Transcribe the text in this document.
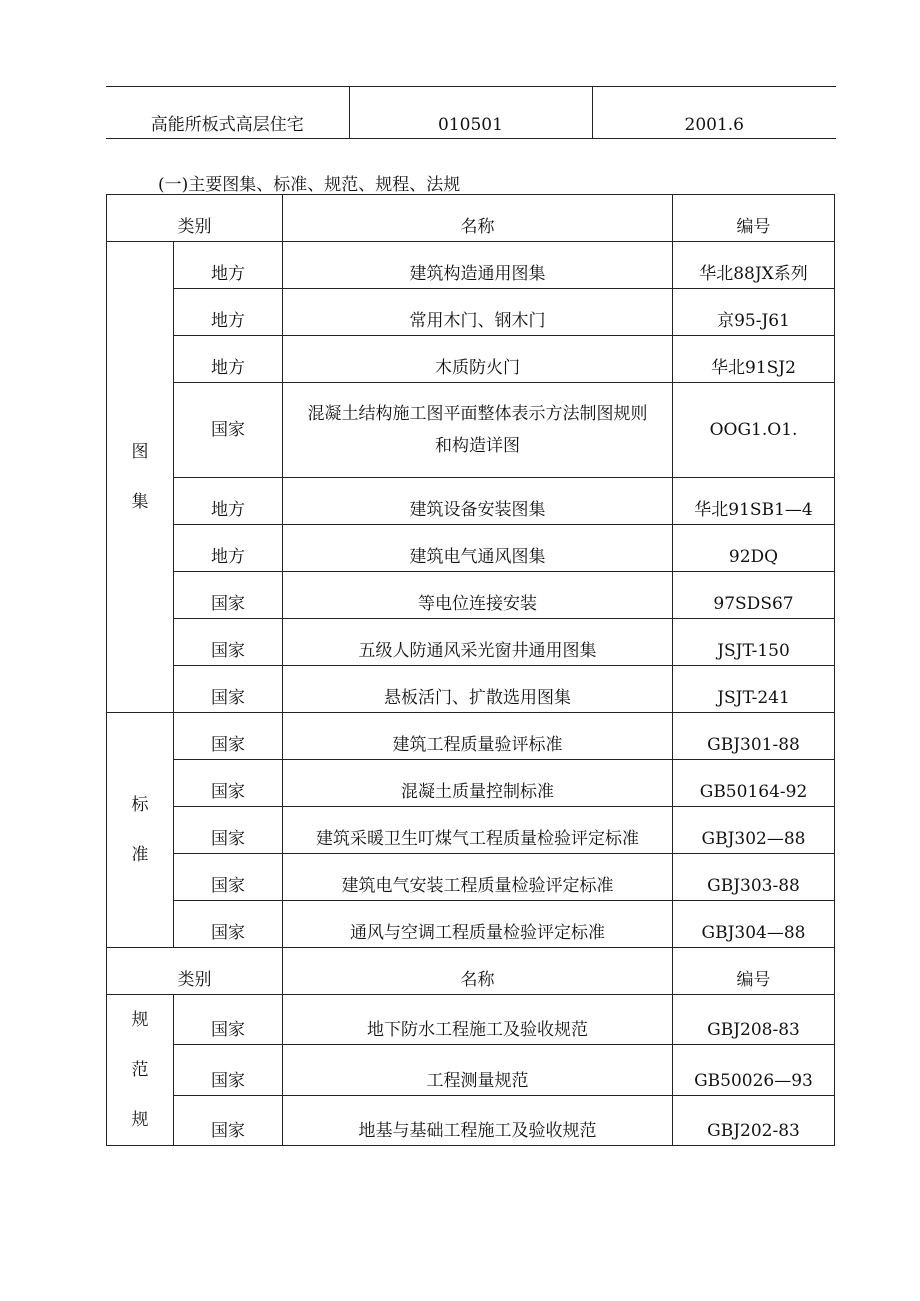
高能所板式高层住宅	010501	2001.6
(一)主要图集、标准、规范、规程、法规
类别		名称	编号

图
集	地方	建筑构造通用图集	华北88JX系列
	地方	常用木门、钢木门	京95-J61
	地方	木质防火门	华北91SJ2
	国家	混凝土结构施工图平面整体表示方法制图规则
和构造详图	OOG1.O1.
	地方	建筑设备安装图集	华北91SB1—4
	地方	建筑电气通风图集	92DQ
	国家	等电位连接安装	97SDS67
	国家	五级人防通风采光窗井通用图集	JSJT-150
	国家	悬板活门、扩散选用图集	JSJT-241

标
准	国家	建筑工程质量验评标准	GBJ301-88
	国家	混凝土质量控制标准	GB50164-92
	国家	建筑采暖卫生叮煤气工程质量检验评定标准	GBJ302—88
	国家	建筑电气安装工程质量检验评定标准	GBJ303-88
	国家	通风与空调工程质量检验评定标准	GBJ304—88
类别		名称	编号

规
范
规	国家	地下防水工程施工及验收规范	GBJ208-83
	国家	工程测量规范	GB50026—93
	国家	地基与基础工程施工及验收规范	GBJ202-83
